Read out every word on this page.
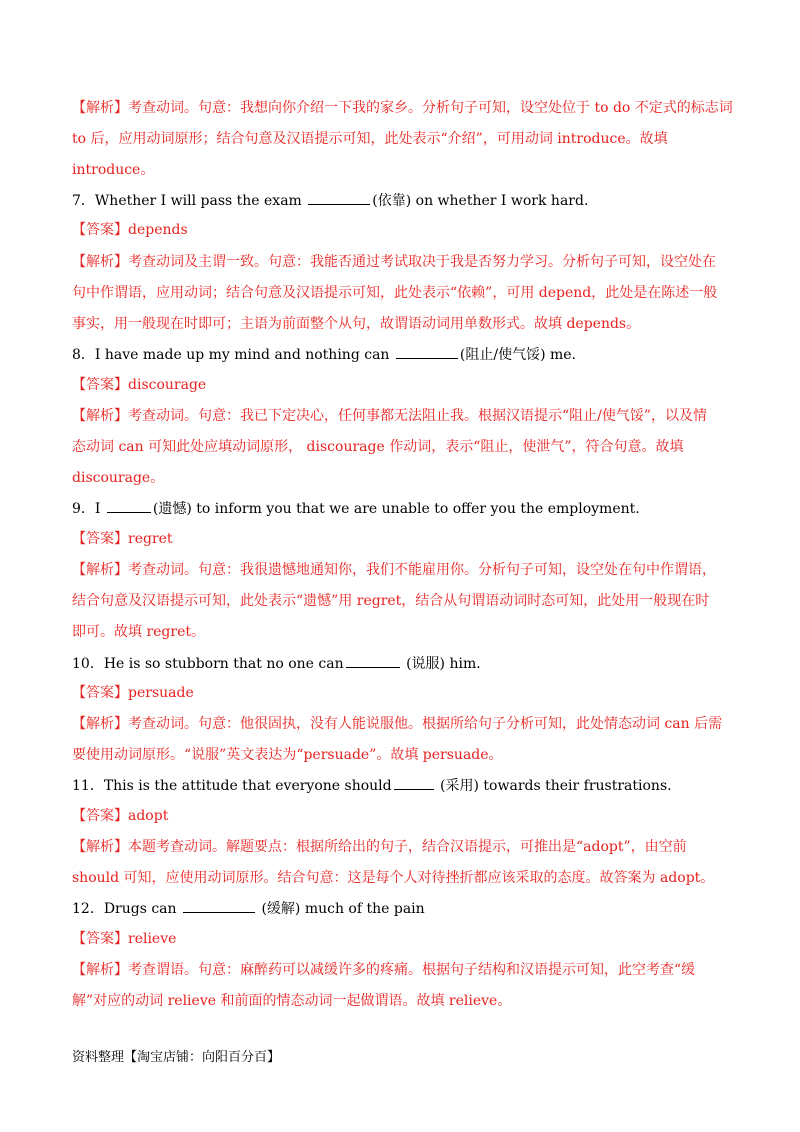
【解析】考查动词。句意：我想向你介绍一下我的家乡。分析句子可知，设空处位于 to do 不定式的标志词
to 后，应用动词原形；结合句意及汉语提示可知，此处表示“介绍”，可用动词 introduce。故填
introduce。
7．Whether I will pass the exam	(依靠) on whether I work hard.
【答案】depends
【解析】考查动词及主谓一致。句意：我能否通过考试取决于我是否努力学习。分析句子可知，设空处在
句中作谓语，应用动词；结合句意及汉语提示可知，此处表示“依赖”，可用 depend，此处是在陈述一般
事实，用一般现在时即可；主语为前面整个从句，故谓语动词用单数形式。故填 depends。
8．I have made up my mind and nothing can	(阻止/使气馁) me.
【答案】discourage
【解析】考查动词。句意：我已下定决心，任何事都无法阻止我。根据汉语提示“阻止/使气馁”，以及情
态动词 can 可知此处应填动词原形， discourage 作动词，表示“阻止，使泄气”，符合句意。故填
discourage。
9．I	(遗憾) to inform you that we are unable to offer you the employment.
【答案】regret
【解析】考查动词。句意：我很遗憾地通知你，我们不能雇用你。分析句子可知，设空处在句中作谓语，
结合句意及汉语提示可知，此处表示“遗憾”用 regret，结合从句谓语动词时态可知，此处用一般现在时
即可。故填 regret。
10．He is so stubborn that no one can	(说服) him.
【答案】persuade
【解析】考查动词。句意：他很固执，没有人能说服他。根据所给句子分析可知，此处情态动词 can 后需
要使用动词原形。“说服”英文表达为“persuade”。故填 persuade。
11．This is the attitude that everyone should	(采用) towards their frustrations.
【答案】adopt
【解析】本题考查动词。解题要点：根据所给出的句子，结合汉语提示，可推出是“adopt”，由空前
should 可知，应使用动词原形。结合句意：这是每个人对待挫折都应该采取的态度。故答案为 adopt。
12．Drugs can	(缓解) much of the pain
【答案】relieve
【解析】考查谓语。句意：麻醉药可以减缓许多的疼痛。根据句子结构和汉语提示可知，此空考查“缓
解”对应的动词 relieve 和前面的情态动词一起做谓语。故填 relieve。
资料整理【淘宝店铺：向阳百分百】
